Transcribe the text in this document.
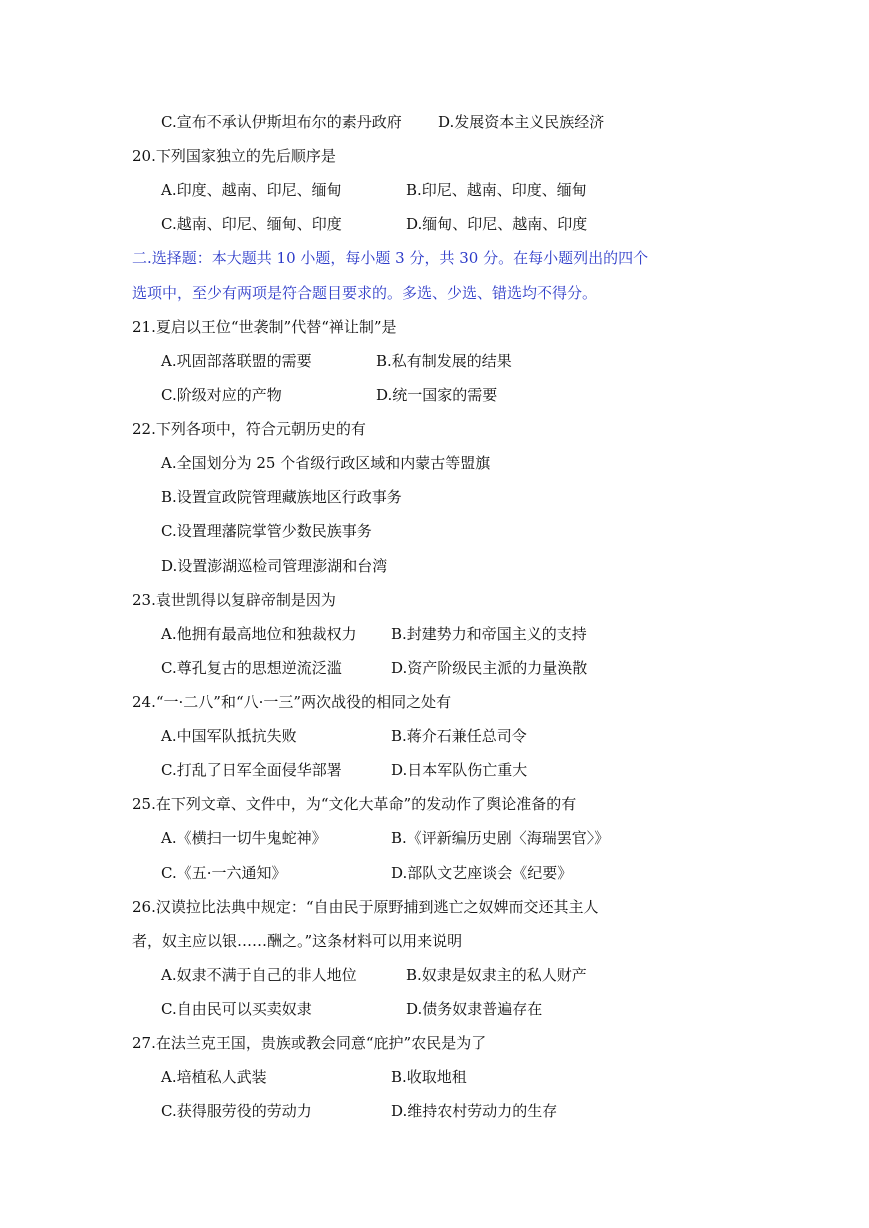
C.宣布不承认伊斯坦布尔的素丹政府 D.发展资本主义民族经济
20.下列国家独立的先后顺序是
A.印度、越南、印尼、缅甸	B.印尼、越南、印度、缅甸
C.越南、印尼、缅甸、印度	D.缅甸、印尼、越南、印度
二.选择题：本大题共 10 小题，每小题 3 分，共 30 分。在每小题列出的四个
选项中，至少有两项是符合题目要求的。多选、少选、错选均不得分。
21.夏启以王位“世袭制”代替“禅让制”是
A.巩固部落联盟的需要	B.私有制发展的结果
C.阶级对应的产物	D.统一国家的需要
22.下列各项中，符合元朝历史的有
A.全国划分为 25 个省级行政区域和内蒙古等盟旗
B.设置宣政院管理藏族地区行政事务
C.设置理藩院掌管少数民族事务
D.设置澎湖巡检司管理澎湖和台湾
23.袁世凯得以复辟帝制是因为
A.他拥有最高地位和独裁权力 B.封建势力和帝国主义的支持
C.尊孔复古的思想逆流泛滥	D.资产阶级民主派的力量涣散
24.“一·二八”和“八·一三”两次战役的相同之处有
A.中国军队抵抗失败	B.蒋介石兼任总司令
C.打乱了日军全面侵华部署	D.日本军队伤亡重大
25.在下列文章、文件中，为“文化大革命”的发动作了舆论准备的有
A.《横扫一切牛鬼蛇神》	B.《评新编历史剧〈海瑞罢官〉》
C.《五·一六通知》	D.部队文艺座谈会《纪要》
26.汉谟拉比法典中规定：“自由民于原野捕到逃亡之奴婢而交还其主人
者，奴主应以银……酬之。”这条材料可以用来说明
A.奴隶不满于自己的非人地位	B.奴隶是奴隶主的私人财产
C.自由民可以买卖奴隶	D.债务奴隶普遍存在
27.在法兰克王国，贵族或教会同意“庇护”农民是为了
A.培植私人武装	B.收取地租
C.获得服劳役的劳动力	D.维持农村劳动力的生存
